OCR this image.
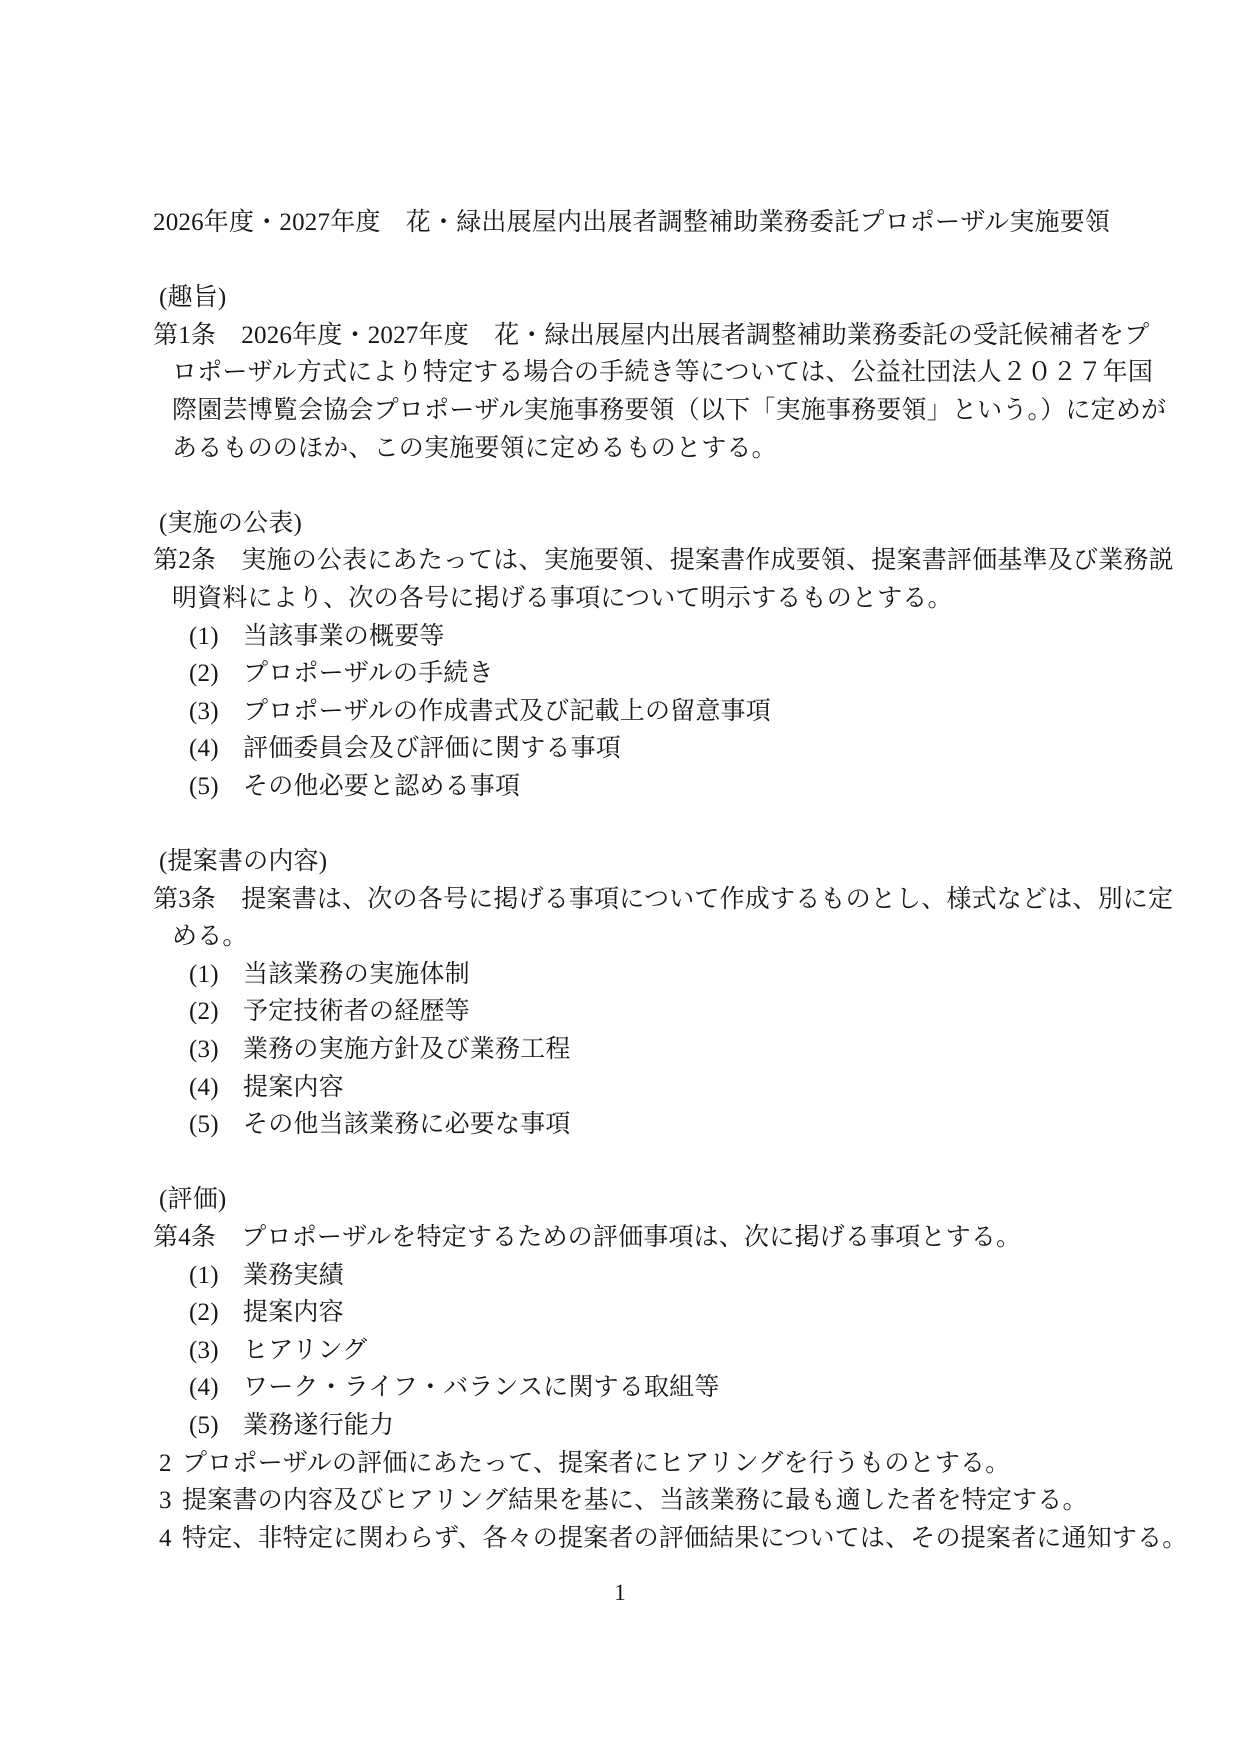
2026年度・2027年度　花・緑出展屋内出展者調整補助業務委託プロポーザル実施要領
(趣旨)
第1条　2026年度・2027年度　花・緑出展屋内出展者調整補助業務委託の受託候補者をプ
ロポーザル方式により特定する場合の手続き等については、公益社団法人２０２７年国
際園芸博覧会協会プロポーザル実施事務要領（以下「実施事務要領」という。）に定めが
あるもののほか、この実施要領に定めるものとする。
(実施の公表)
第2条　実施の公表にあたっては、実施要領、提案書作成要領、提案書評価基準及び業務説
明資料により、次の各号に掲げる事項について明示するものとする。
(1) 当該事業の概要等
(2) プロポーザルの手続き
(3) プロポーザルの作成書式及び記載上の留意事項
(4) 評価委員会及び評価に関する事項
(5) その他必要と認める事項
(提案書の内容)
第3条　提案書は、次の各号に掲げる事項について作成するものとし、様式などは、別に定
める。
(1) 当該業務の実施体制
(2) 予定技術者の経歴等
(3) 業務の実施方針及び業務工程
(4) 提案内容
(5) その他当該業務に必要な事項
(評価)
第4条　プロポーザルを特定するための評価事項は、次に掲げる事項とする。
(1) 業務実績
(2) 提案内容
(3) ヒアリング
(4) ワーク・ライフ・バランスに関する取組等
(5) 業務遂行能力
2 プロポーザルの評価にあたって、提案者にヒアリングを行うものとする。
3 提案書の内容及びヒアリング結果を基に、当該業務に最も適した者を特定する。
4 特定、非特定に関わらず、各々の提案者の評価結果については、その提案者に通知する。
1
